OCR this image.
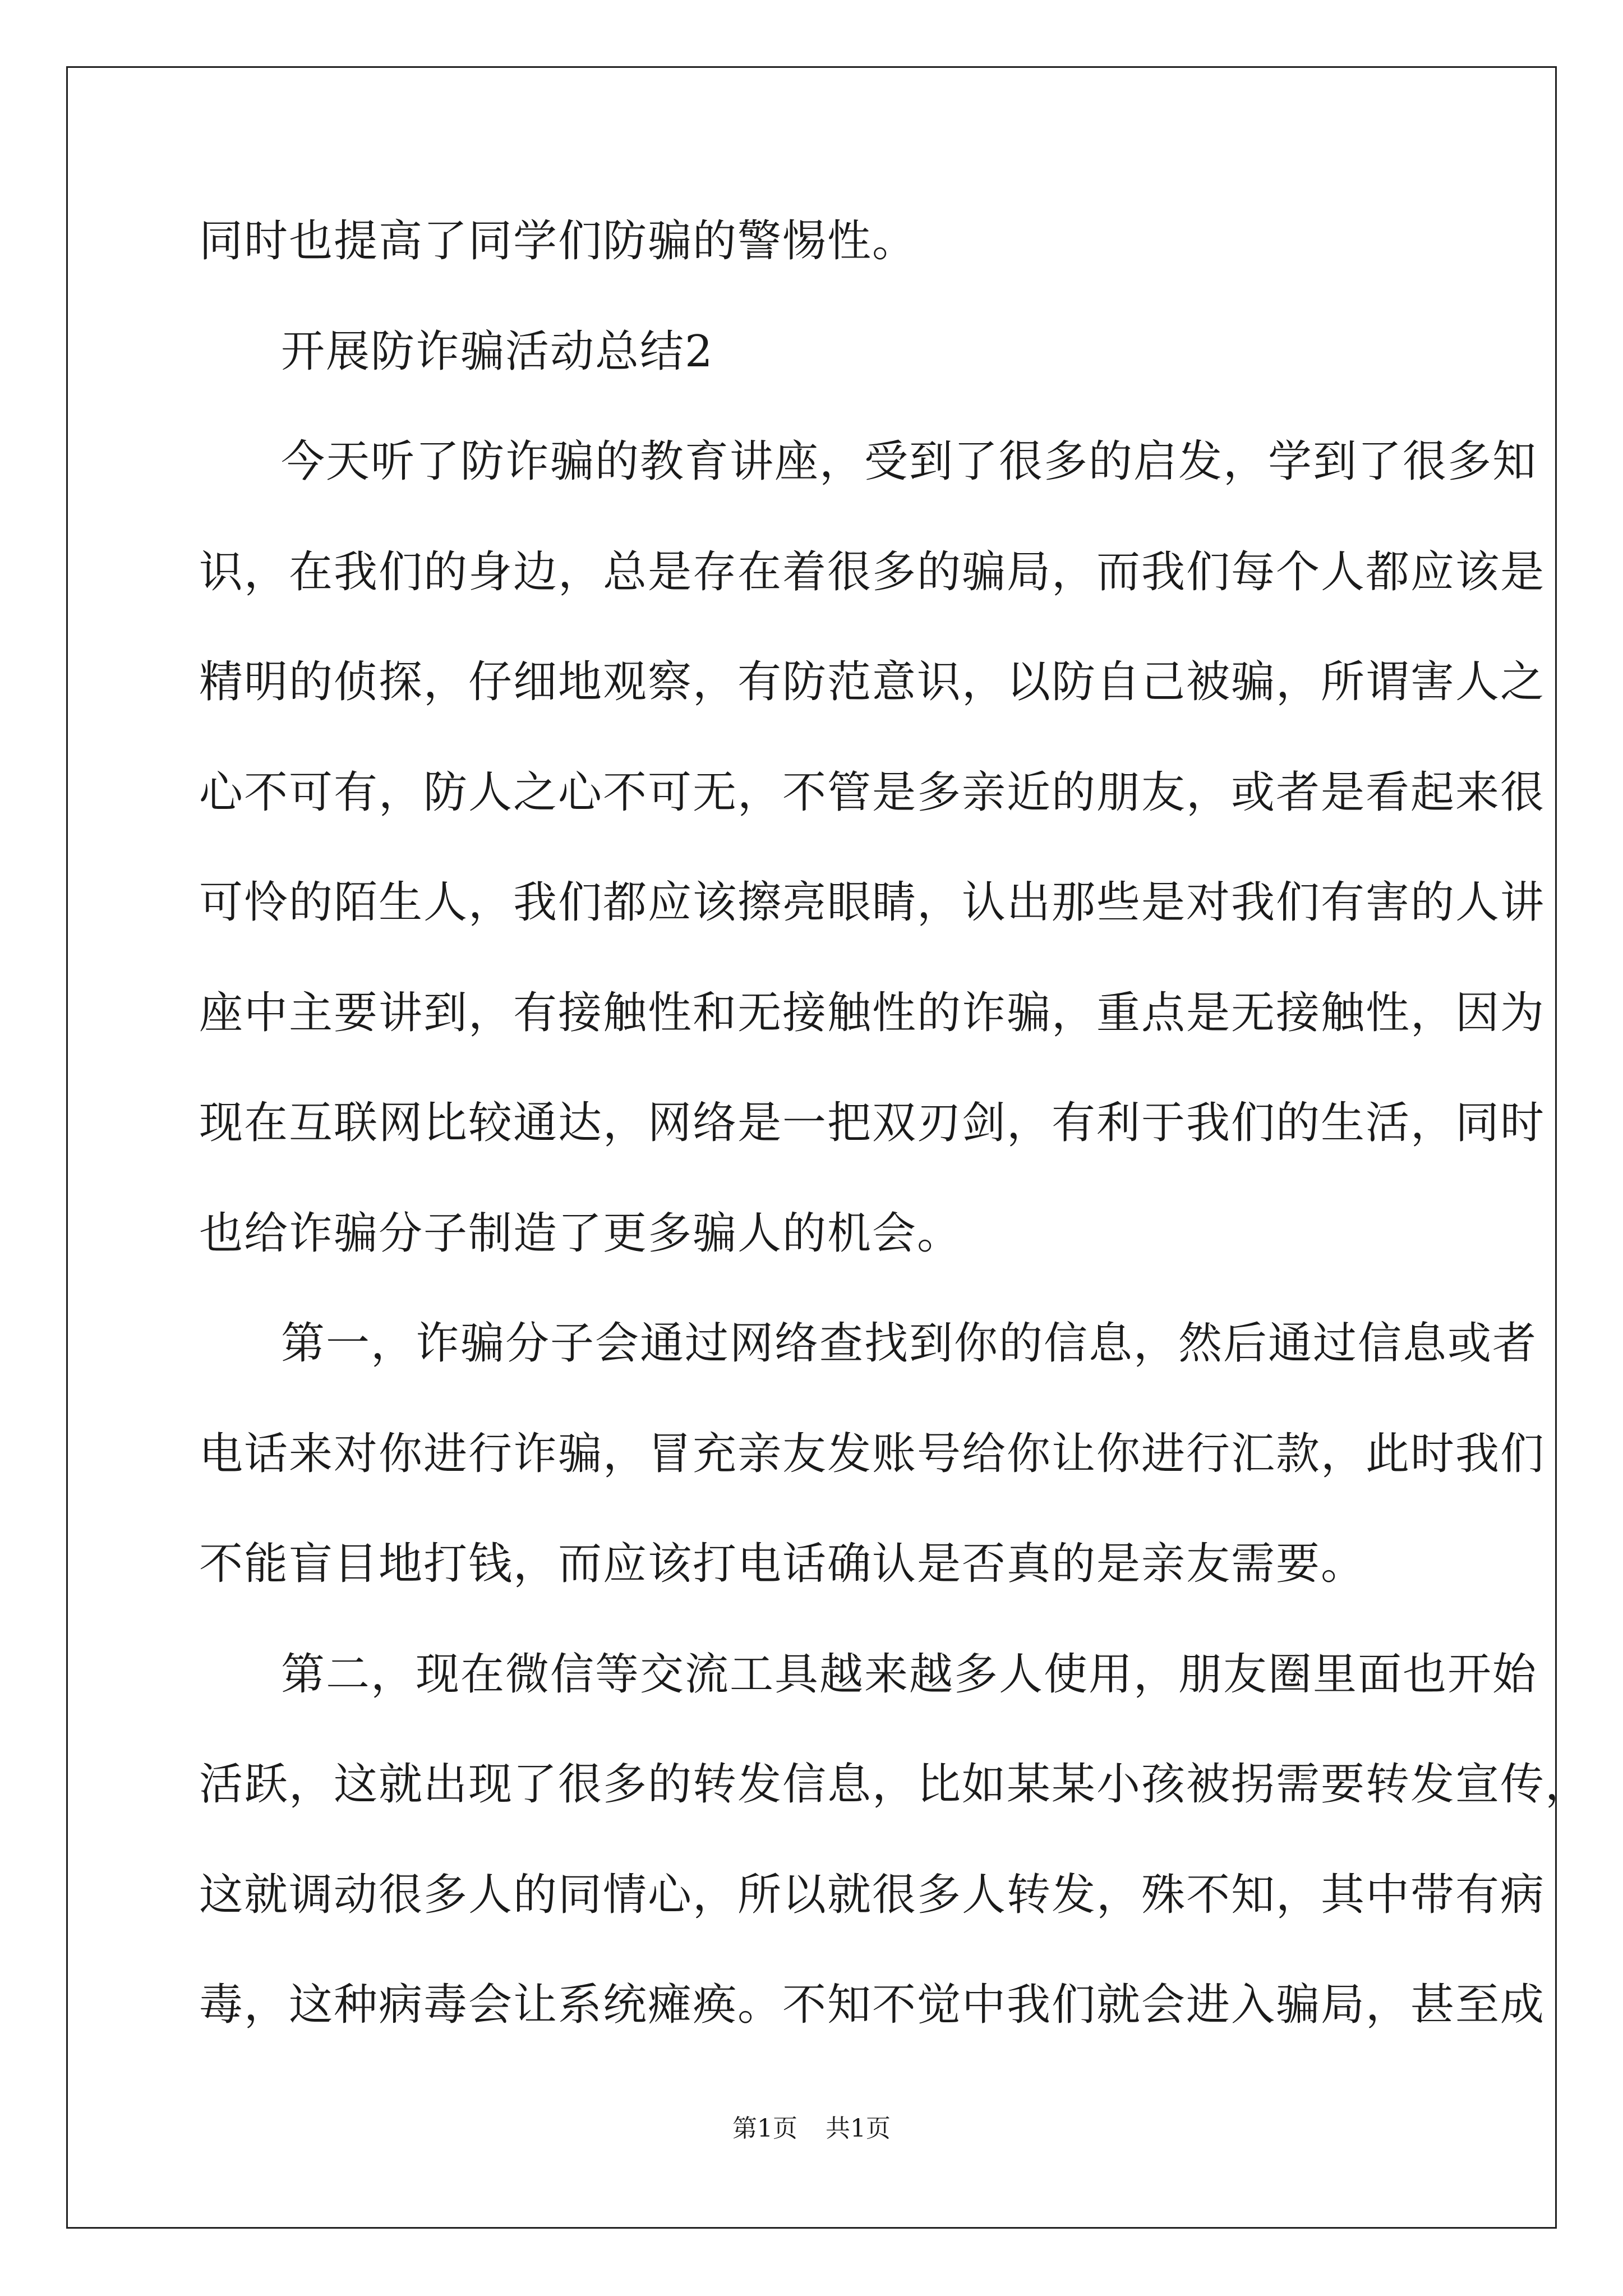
同时也提高了同学们防骗的警惕性。
开展防诈骗活动总结2
今天听了防诈骗的教育讲座，受到了很多的启发，学到了很多知
识，在我们的身边，总是存在着很多的骗局，而我们每个人都应该是
精明的侦探，仔细地观察，有防范意识，以防自己被骗，所谓害人之
心不可有，防人之心不可无，不管是多亲近的朋友，或者是看起来很
可怜的陌生人，我们都应该擦亮眼睛，认出那些是对我们有害的人讲
座中主要讲到，有接触性和无接触性的诈骗，重点是无接触性，因为
现在互联网比较通达，网络是一把双刃剑，有利于我们的生活，同时
也给诈骗分子制造了更多骗人的机会。
第一，诈骗分子会通过网络查找到你的信息，然后通过信息或者
电话来对你进行诈骗，冒充亲友发账号给你让你进行汇款，此时我们
不能盲目地打钱，而应该打电话确认是否真的是亲友需要。
第二，现在微信等交流工具越来越多人使用，朋友圈里面也开始
活跃，这就出现了很多的转发信息，比如某某小孩被拐需要转发宣传，
这就调动很多人的同情心，所以就很多人转发，殊不知，其中带有病
毒，这种病毒会让系统瘫痪。不知不觉中我们就会进入骗局，甚至成
第1页 共1页
